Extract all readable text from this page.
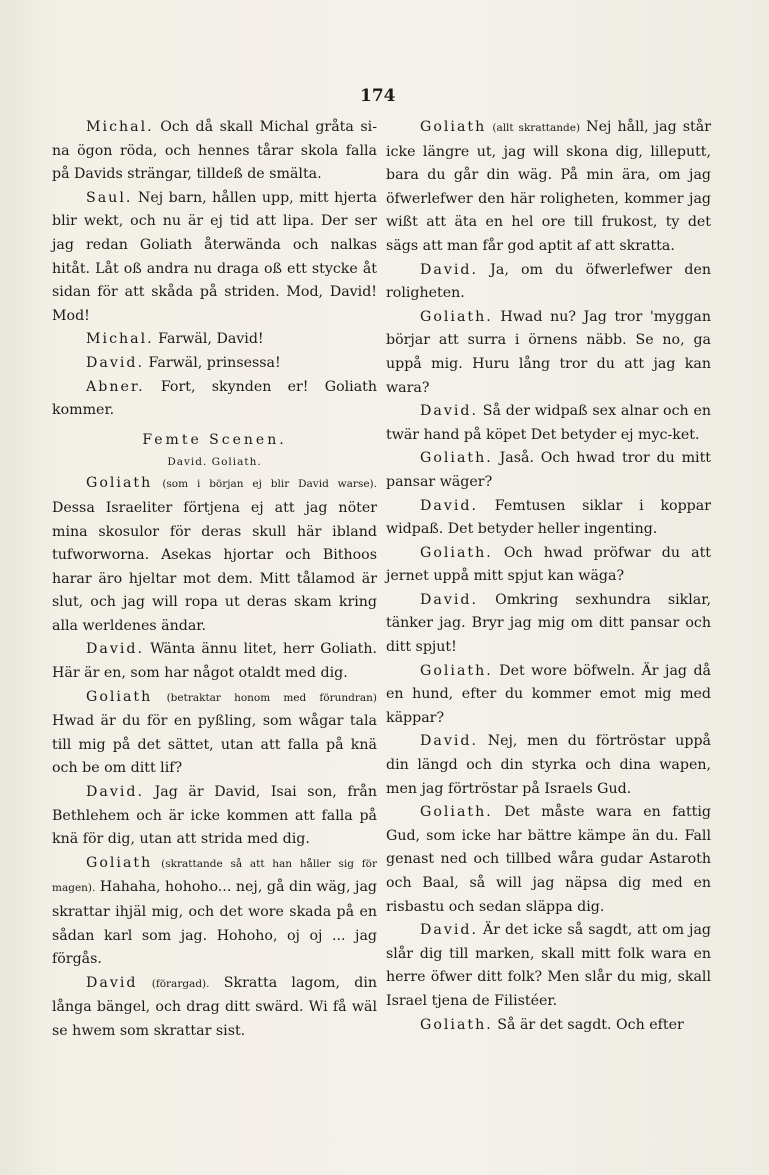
174

Michal. Och då skall Michal gråta si-na ögon röda, och hennes tårar skola falla på Davids strängar, tilldeß de smälta.

Saul. Nej barn, hållen upp, mitt hjerta blir wekt, och nu är ej tid att lipa. Der ser jag redan Goliath återwända och nalkas hitåt. Låt oß andra nu draga oß ett stycke åt sidan för att skåda på striden. Mod, David! Mod!

Michal. Farwäl, David!

David. Farwäl, prinsessa!

Abner. Fort, skynden er! Goliath kommer.

Femte Scenen.

David. Goliath.

Goliath (som i början ej blir David warse). Dessa Israeliter förtjena ej att jag nöter mina skosulor för deras skull här ibland tufworworna. Asekas hjortar och Bithoos harar äro hjeltar mot dem. Mitt tålamod är slut, och jag will ropa ut deras skam kring alla werldenes ändar.

David. Wänta ännu litet, herr Goliath. Här är en, som har något otaldt med dig.

Goliath (betraktar honom med förundran) Hwad är du för en pyßling, som wågar tala till mig på det sättet, utan att falla på knä och be om ditt lif?

David. Jag är David, Isai son, från Bethlehem och är icke kommen att falla på knä för dig, utan att strida med dig.

Goliath (skrattande så att han håller sig för magen). Hahaha, hohoho... nej, gå din wäg, jag skrattar ihjäl mig, och det wore skada på en sådan karl som jag. Hohoho, oj oj ... jag förgås.

David (förargad). Skratta lagom, din långa bängel, och drag ditt swärd. Wi få wäl se hwem som skrattar sist.

Goliath (allt skrattande) Nej håll, jag står icke längre ut, jag will skona dig, lilleputt, bara du går din wäg. På min ära, om jag öfwerlefwer den här roligheten, kommer jag wißt att äta en hel ore till frukost, ty det sägs att man får god aptit af att skratta.

David. Ja, om du öfwerlefwer den roligheten.

Goliath. Hwad nu? Jag tror 'myggan börjar att surra i örnens näbb. Se no, ga uppå mig. Huru lång tror du att jag kan wara?

David. Så der widpaß sex alnar och en twär hand på köpet Det betyder ej myc-ket.

Goliath. Jaså. Och hwad tror du mitt pansar wäger?

David. Femtusen siklar i koppar widpaß. Det betyder heller ingenting.

Goliath. Och hwad pröfwar du att jernet uppå mitt spjut kan wäga?

David. Omkring sexhundra siklar, tänker jag. Bryr jag mig om ditt pansar och ditt spjut!

Goliath. Det wore böfweln. Är jag då en hund, efter du kommer emot mig med käppar?

David. Nej, men du förtröstar uppå din längd och din styrka och dina wapen, men jag förtröstar på Israels Gud.

Goliath. Det måste wara en fattig Gud, som icke har bättre kämpe än du. Fall genast ned och tillbed wåra gudar Astaroth och Baal, så will jag näpsa dig med en risbastu och sedan släppa dig.

David. Är det icke så sagdt, att om jag slår dig till marken, skall mitt folk wara en herre öfwer ditt folk? Men slår du mig, skall Israel tjena de Filistéer.

Goliath. Så är det sagdt. Och efter
